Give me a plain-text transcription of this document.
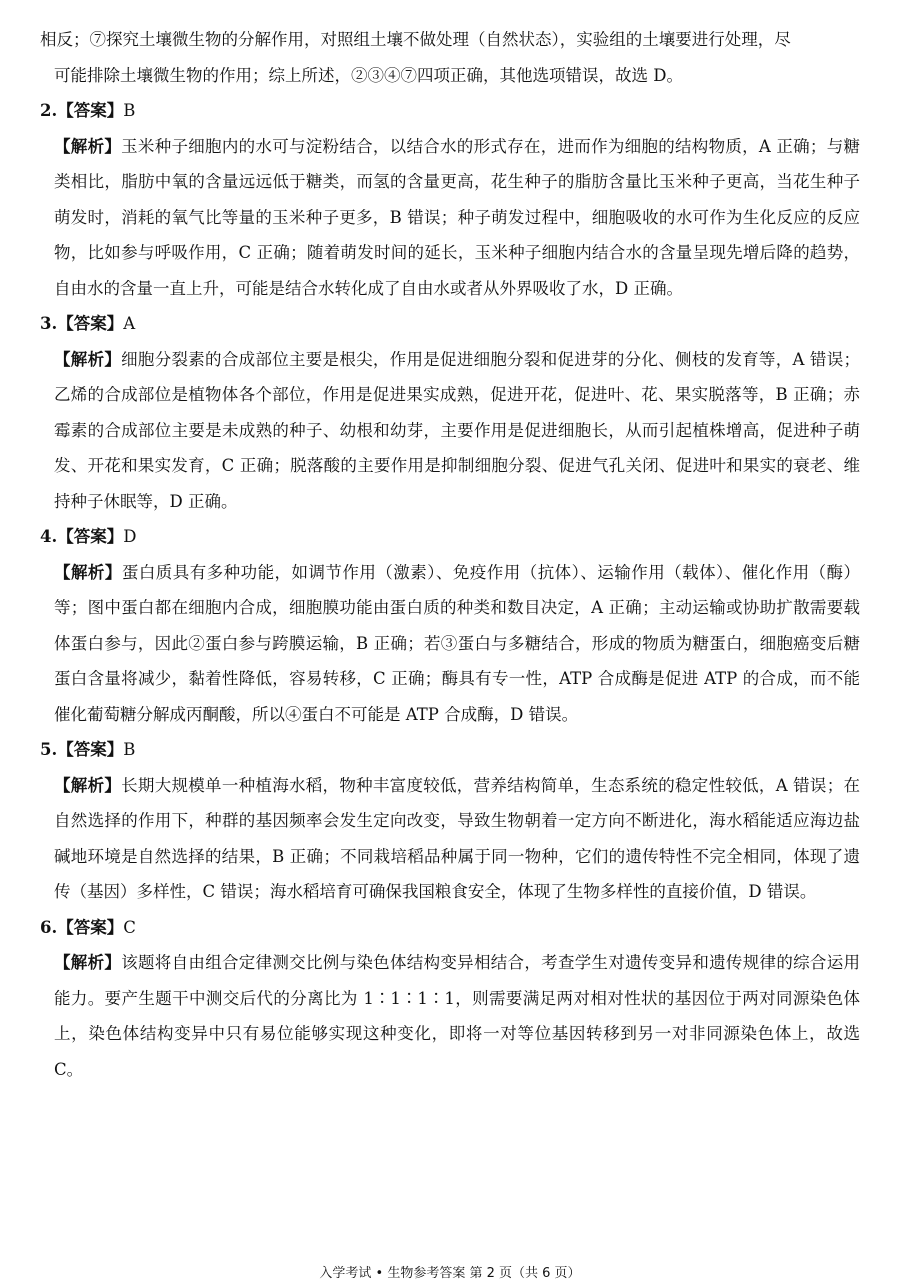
相反；⑦探究土壤微生物的分解作用，对照组土壤不做处理（自然状态），实验组的土壤要进行处理，尽

可能排除土壤微生物的作用；综上所述，②③④⑦四项正确，其他选项错误，故选 D。

2.【答案】B

【解析】玉米种子细胞内的水可与淀粉结合，以结合水的形式存在，进而作为细胞的结构物质，A 正确；与糖类相比，脂肪中氧的含量远远低于糖类，而氢的含量更高，花生种子的脂肪含量比玉米种子更高，当花生种子萌发时，消耗的氧气比等量的玉米种子更多，B 错误；种子萌发过程中，细胞吸收的水可作为生化反应的反应物，比如参与呼吸作用，C 正确；随着萌发时间的延长，玉米种子细胞内结合水的含量呈现先增后降的趋势，自由水的含量一直上升，可能是结合水转化成了自由水或者从外界吸收了水，D 正确。

3.【答案】A

【解析】细胞分裂素的合成部位主要是根尖，作用是促进细胞分裂和促进芽的分化、侧枝的发育等，A 错误；乙烯的合成部位是植物体各个部位，作用是促进果实成熟，促进开花，促进叶、花、果实脱落等，B 正确；赤霉素的合成部位主要是未成熟的种子、幼根和幼芽，主要作用是促进细胞长，从而引起植株增高，促进种子萌发、开花和果实发育，C 正确；脱落酸的主要作用是抑制细胞分裂、促进气孔关闭、促进叶和果实的衰老、维持种子休眠等，D 正确。

4.【答案】D

【解析】蛋白质具有多种功能，如调节作用（激素）、免疫作用（抗体）、运输作用（载体）、催化作用（酶）等；图中蛋白都在细胞内合成，细胞膜功能由蛋白质的种类和数目决定，A 正确；主动运输或协助扩散需要载体蛋白参与，因此②蛋白参与跨膜运输，B 正确；若③蛋白与多糖结合，形成的物质为糖蛋白，细胞癌变后糖蛋白含量将减少，黏着性降低，容易转移，C 正确；酶具有专一性，ATP 合成酶是促进 ATP 的合成，而不能催化葡萄糖分解成丙酮酸，所以④蛋白不可能是 ATP 合成酶，D 错误。

5.【答案】B

【解析】长期大规模单一种植海水稻，物种丰富度较低，营养结构简单，生态系统的稳定性较低，A 错误；在自然选择的作用下，种群的基因频率会发生定向改变，导致生物朝着一定方向不断进化，海水稻能适应海边盐碱地环境是自然选择的结果，B 正确；不同栽培稻品种属于同一物种，它们的遗传特性不完全相同，体现了遗传（基因）多样性，C 错误；海水稻培育可确保我国粮食安全，体现了生物多样性的直接价值，D 错误。

6.【答案】C

【解析】该题将自由组合定律测交比例与染色体结构变异相结合，考查学生对遗传变异和遗传规律的综合运用能力。要产生题干中测交后代的分离比为 1∶1∶1∶1，则需要满足两对相对性状的基因位于两对同源染色体上，染色体结构变异中只有易位能够实现这种变化，即将一对等位基因转移到另一对非同源染色体上，故选 C。

入学考试 • 生物参考答案 第 2 页（共 6 页）
